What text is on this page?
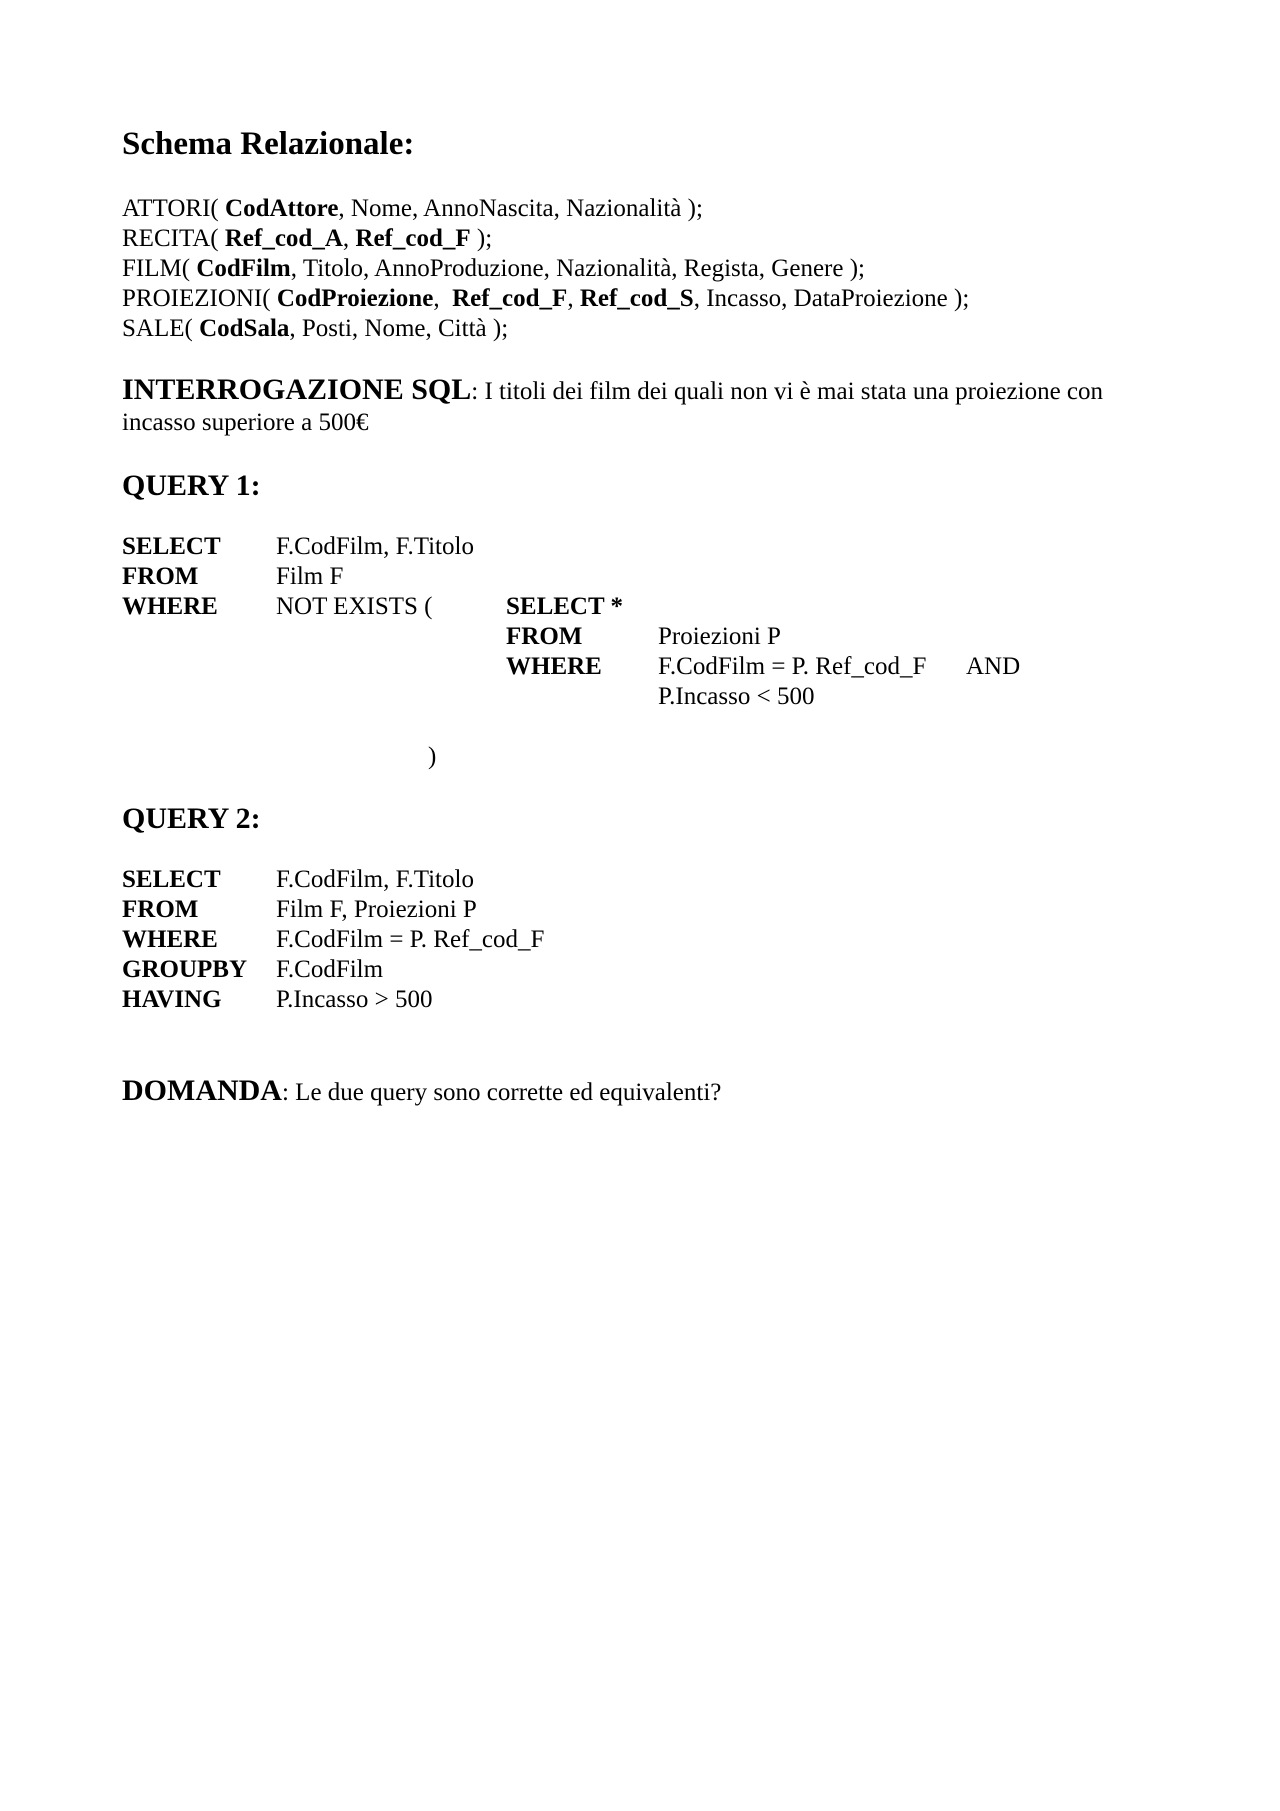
Schema Relazionale:
ATTORI( CodAttore, Nome, AnnoNascita, Nazionalità );
RECITA( Ref_cod_A, Ref_cod_F );
FILM( CodFilm, Titolo, AnnoProduzione, Nazionalità, Regista, Genere );
PROIEZIONI( CodProiezione,  Ref_cod_F, Ref_cod_S, Incasso, DataProiezione );
SALE( CodSala, Posti, Nome, Città );
INTERROGAZIONE SQL: I titoli dei film dei quali non vi è mai stata una proiezione con
incasso superiore a 500€
QUERY 1:
SELECT F.CodFilm, F.Titolo
FROM	Film F
WHERE NOT EXISTS (	SELECT *
FROM	Proiezioni P
WHERE F.CodFilm = P. Ref_cod_F AND
P.Incasso < 500
)
QUERY 2:
SELECT F.CodFilm, F.Titolo
FROM	Film F, Proiezioni P
WHERE F.CodFilm = P. Ref_cod_F
GROUPBY F.CodFilm
HAVING P.Incasso > 500
DOMANDA: Le due query sono corrette ed equivalenti?
